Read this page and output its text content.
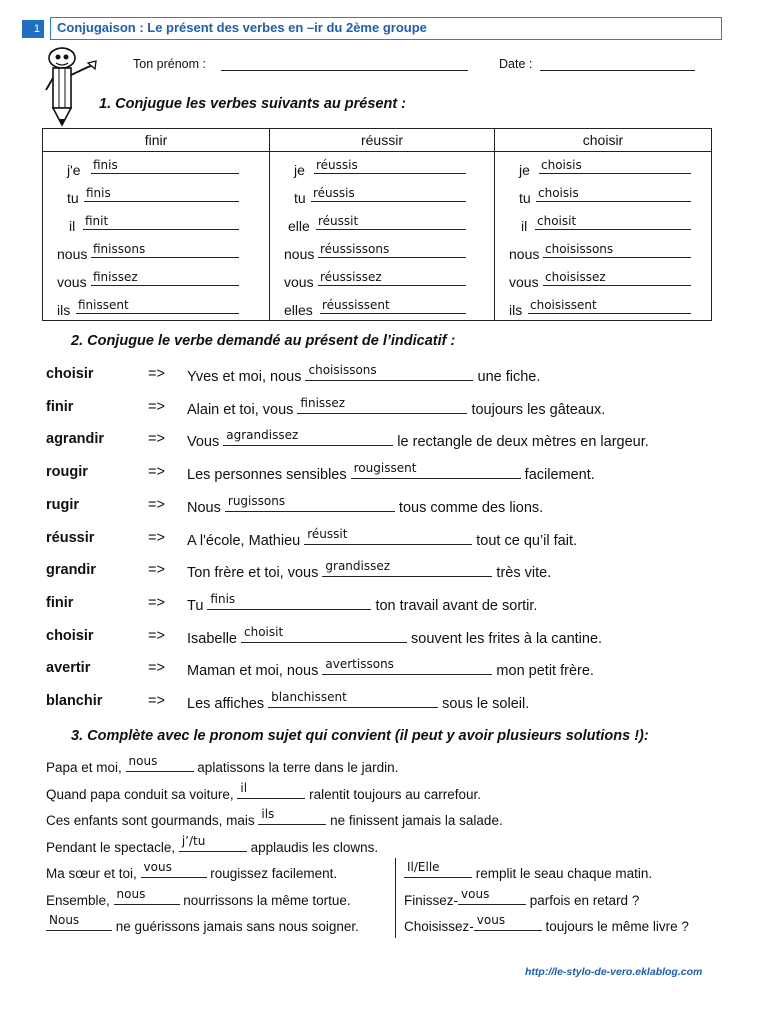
1	Conjugaison : Le présent des verbes en –ir du 2ème groupe
Ton prénom :	Date :
1. Conjugue les verbes suivants au présent :
finir	réussir	choisir

j'e finis	je réussis	je choisis

tu finis	tu réussis	tu choisis

il finit	elle réussit	il choisit

nous finissons	nous réussissons	nous choisissons

vous finissez	vous réussissez	vous choisissez

ils finissent	elles réussissent	ils choisissent
2. Conjugue le verbe demandé au présent de l’indicatif :
choisir	=> Yves et moi, nous choisissons	une fiche.
finir	=> Alain et toi, vous finissez	toujours les gâteaux.
agrandir	=> Vous agrandissez	le rectangle de deux mètres en largeur.
rougir	=> Les personnes sensibles rougissent	facilement.
rugir	=> Nous rugissons	tous comme des lions.
réussir	=> A l'école, Mathieu réussit	tout ce qu’il fait.
grandir	=> Ton frère et toi, vous grandissez	très vite.
finir	=> Tu finis	ton travail avant de sortir.
choisir	=> Isabelle choisit	souvent les frites à la cantine.
avertir	=> Maman et moi, nous avertissons	mon petit frère.
blanchir	=> Les affiches blanchissent	sous le soleil.
3. Complète avec le pronom sujet qui convient (il peut y avoir plusieurs solutions !):
Papa et moi, nous	aplatissons la terre dans le jardin.
Quand papa conduit sa voiture, il	ralentit toujours au carrefour.
Ces enfants sont gourmands, mais ils	ne finissent jamais la salade.
Pendant le spectacle, j’/tu	applaudis les clowns.
Ma sœur et toi, vous	rougissez facilement.
Ensemble, nous	nourrissons la même tortue.
Nous ne guérissons jamais sans nous soigner.
Il/Elle remplit le seau chaque matin.
Finissez- vous	parfois en retard ?
Choisissez- vous	toujours le même livre ?
http://le-stylo-de-vero.eklablog.com
